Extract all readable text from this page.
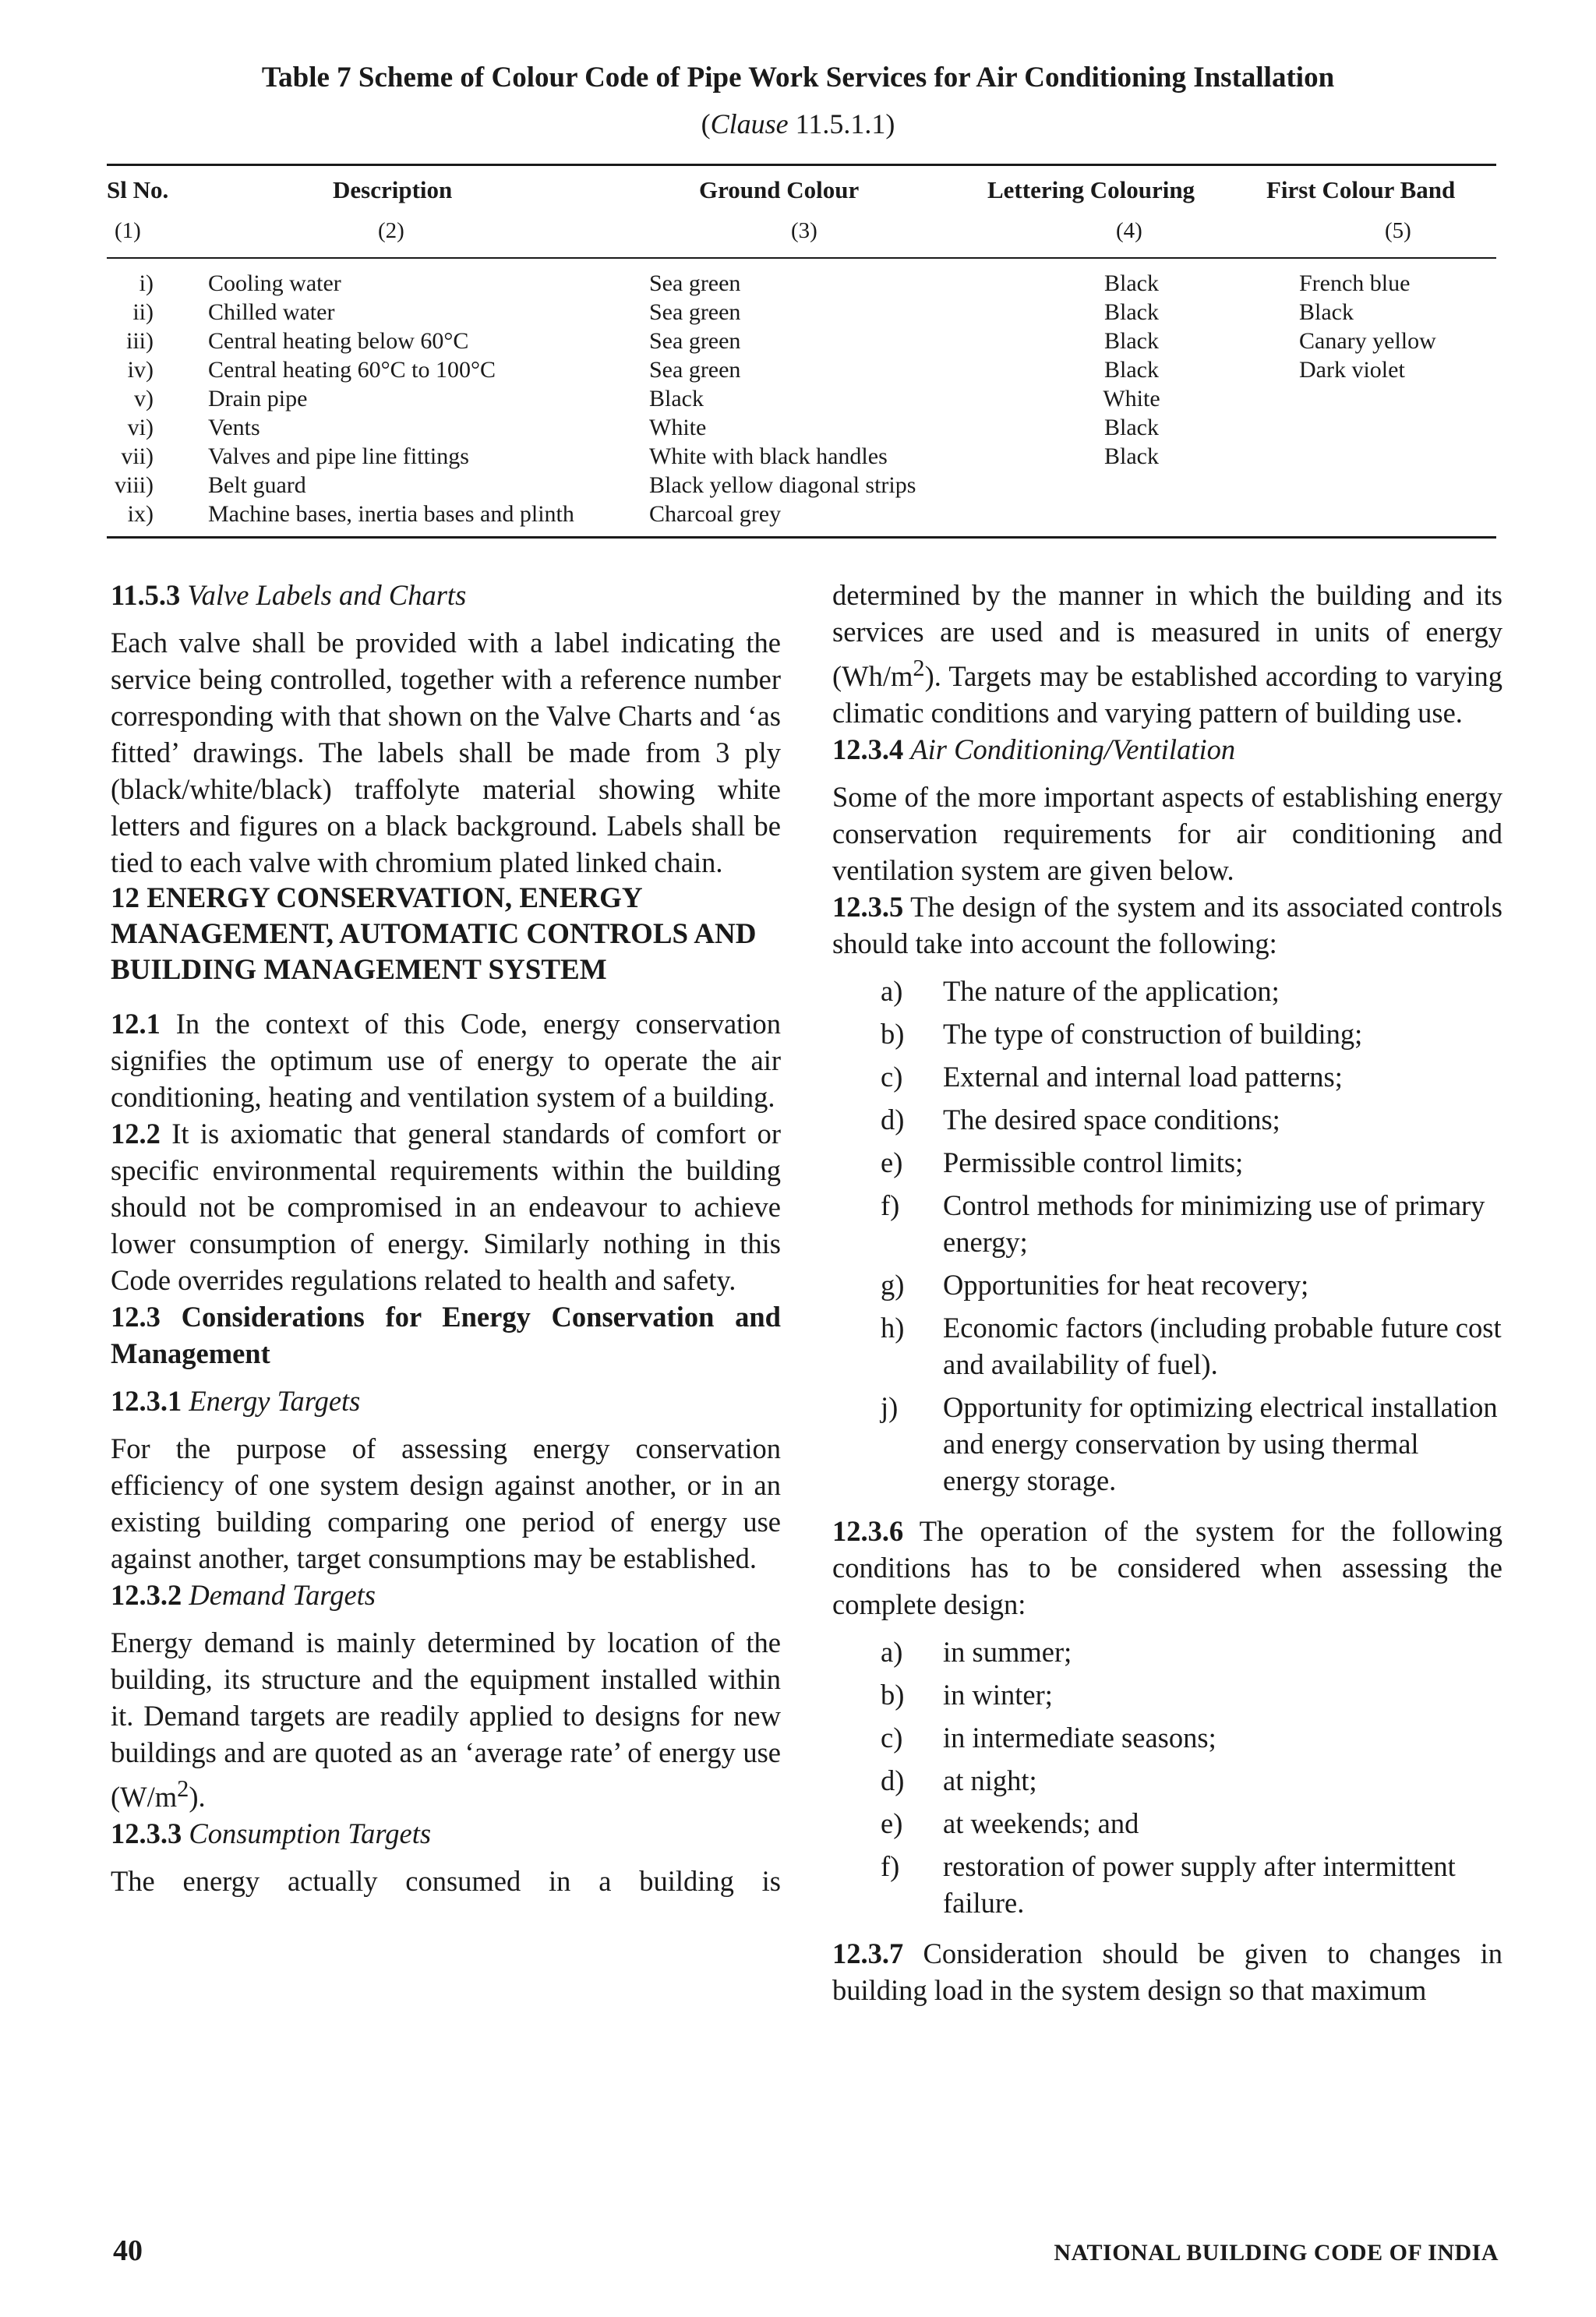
Table 7 Scheme of Colour Code of Pipe Work Services for Air Conditioning Installation
(Clause 11.5.1.1)
Sl No.	Description	Ground Colour	Lettering Colouring	First Colour Band
(1)	(2)	(3)	(4)	(5)
i) Cooling water	Sea green	Black	French blue
ii) Chilled water	Sea green	Black	Black
iii) Central heating below 60°C	Sea green	Black	Canary yellow
iv) Central heating 60°C to 100°C	Sea green	Black	Dark violet
v) Drain pipe	Black	White
vi) Vents	White	Black
vii) Valves and pipe line fittings	White with black handles	Black
viii) Belt guard	Black yellow diagonal strips
ix) Machine bases, inertia bases and plinth	Charcoal grey

11.5.3 Valve Labels and Charts

Each valve shall be provided with a label indicating the service being controlled, together with a reference number corresponding with that shown on the Valve Charts and ‘as fitted’ drawings. The labels shall be made from 3 ply (black/white/black) traffolyte material showing white letters and figures on a black background. Labels shall be tied to each valve with chromium plated linked chain.

12 ENERGY CONSERVATION, ENERGY MANAGEMENT, AUTOMATIC CONTROLS AND BUILDING MANAGEMENT SYSTEM

12.1 In the context of this Code, energy conservation signifies the optimum use of energy to operate the air conditioning, heating and ventilation system of a building.

12.2 It is axiomatic that general standards of comfort or specific environmental requirements within the building should not be compromised in an endeavour to achieve lower consumption of energy. Similarly nothing in this Code overrides regulations related to health and safety.

12.3 Considerations for Energy Conservation and Management

12.3.1 Energy Targets

For the purpose of assessing energy conservation efficiency of one system design against another, or in an existing building comparing one period of energy use against another, target consumptions may be established.

12.3.2 Demand Targets

Energy demand is mainly determined by location of the building, its structure and the equipment installed within it. Demand targets are readily applied to designs for new buildings and are quoted as an ‘average rate’ of energy use $(W/m^2)$.

12.3.3 Consumption Targets

The energy actually consumed in a building is

determined by the manner in which the building and its services are used and is measured in units of energy $(Wh/m^2)$. Targets may be established according to varying climatic conditions and varying pattern of building use.

12.3.4 Air Conditioning/Ventilation

Some of the more important aspects of establishing energy conservation requirements for air conditioning and ventilation system are given below.

12.3.5 The design of the system and its associated controls should take into account the following:

a) The nature of the application;
b) The type of construction of building;
c) External and internal load patterns;
d) The desired space conditions;
e) Permissible control limits;
f) Control methods for minimizing use of primary energy;
g) Opportunities for heat recovery;
h) Economic factors (including probable future cost and availability of fuel).
j) Opportunity for optimizing electrical installation and energy conservation by using thermal energy storage.

12.3.6 The operation of the system for the following conditions has to be considered when assessing the complete design:

a) in summer;
b) in winter;
c) in intermediate seasons;
d) at night;
e) at weekends; and
f) restoration of power supply after intermittent failure.

12.3.7 Consideration should be given to changes in building load in the system design so that maximum

40	NATIONAL BUILDING CODE OF INDIA
